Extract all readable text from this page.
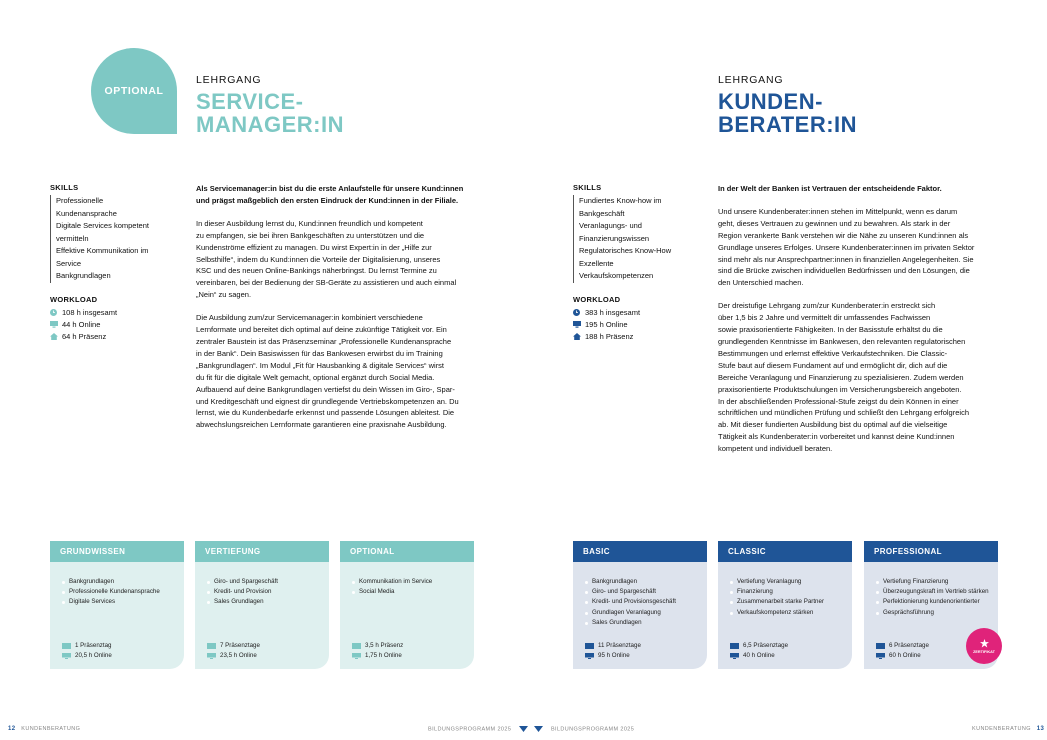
OPTIONAL
LEHRGANG
SERVICE-
MANAGER:IN
SKILLS
Professionelle
Kundenansprache
Digitale Services kompetent
vermitteln
Effektive Kommunikation im
Service
Bankgrundlagen
WORKLOAD
108 h insgesamt
44 h Online
64 h Präsenz

Als Servicemanager:in bist du die erste Anlaufstelle für unsere Kund:innen
und prägst maßgeblich den ersten Eindruck der Kund:innen in der Filiale.

In dieser Ausbildung lernst du, Kund:innen freundlich und kompetent
zu empfangen, sie bei ihren Bankgeschäften zu unterstützen und die
Kundenströme effizient zu managen. Du wirst Expert:in in der „Hilfe zur
Selbsthilfe“, indem du Kund:innen die Vorteile der Digitalisierung, unseres
KSC und des neuen Online-Bankings näherbringst. Du lernst Termine zu
vereinbaren, bei der Bedienung der SB-Geräte zu assistieren und auch einmal
„Nein“ zu sagen.

Die Ausbildung zum/zur Servicemanager:in kombiniert verschiedene
Lernformate und bereitet dich optimal auf deine zukünftige Tätigkeit vor. Ein
zentraler Baustein ist das Präsenzseminar „Professionelle Kundenansprache
in der Bank“. Dein Basiswissen für das Bankwesen erwirbst du im Training
„Bankgrundlagen“. Im Modul „Fit für Hausbanking & digitale Services“ wirst
du fit für die digitale Welt gemacht, optional ergänzt durch Social Media.
Aufbauend auf deine Bankgrundlagen vertiefst du dein Wissen im Giro-, Spar-
und Kreditgeschäft und eignest dir grundlegende Vertriebskompetenzen an. Du
lernst, wie du Kundenbedarfe erkennst und passende Lösungen ableitest. Die
abwechslungsreichen Lernformate garantieren eine praxisnahe Ausbildung.

GRUNDWISSEN
Bankgrundlagen
Professionelle Kundenansprache
Digitale Services
1 Präsenztag
20,5 h Online
VERTIEFUNG
Giro- und Spargeschäft
Kredit- und Provision
Sales Grundlagen
7 Präsenztage
23,5 h Online
OPTIONAL
Kommunikation im Service
Social Media
3,5 h Präsenz
1,75 h Online
LEHRGANG
KUNDEN-
BERATER:IN
SKILLS
Fundiertes Know-how im
Bankgeschäft
Veranlagungs- und
Finanzierungswissen
Regulatorisches Know-How
Exzellente
Verkaufskompetenzen
WORKLOAD
383 h insgesamt
195 h Online
188 h Präsenz

In der Welt der Banken ist Vertrauen der entscheidende Faktor.

Und unsere Kundenberater:innen stehen im Mittelpunkt, wenn es darum
geht, dieses Vertrauen zu gewinnen und zu bewahren. Als stark in der
Region verankerte Bank verstehen wir die Nähe zu unseren Kund:innen als
Grundlage unseres Erfolges. Unsere Kundenberater:innen im privaten Sektor
sind mehr als nur Ansprechpartner:innen in finanziellen Angelegenheiten. Sie
sind die Brücke zwischen individuellen Bedürfnissen und den Lösungen, die
den Unterschied machen.

Der dreistufige Lehrgang zum/zur Kundenberater:in erstreckt sich
über 1,5 bis 2 Jahre und vermittelt dir umfassendes Fachwissen
sowie praxisorientierte Fähigkeiten. In der Basisstufe erhältst du die
grundlegenden Kenntnisse im Bankwesen, den relevanten regulatorischen
Bestimmungen und erlernst effektive Verkaufstechniken. Die Classic-
Stufe baut auf diesem Fundament auf und ermöglicht dir, dich auf die
Bereiche Veranlagung und Finanzierung zu spezialisieren. Zudem werden
praxisorientierte Produktschulungen im Versicherungsbereich angeboten.
In der abschließenden Professional-Stufe zeigst du dein Können in einer
schriftlichen und mündlichen Prüfung und schließt den Lehrgang erfolgreich
ab. Mit dieser fundierten Ausbildung bist du optimal auf die vielseitige
Tätigkeit als Kundenberater:in vorbereitet und kannst deine Kund:innen
kompetent und individuell beraten.

BASIC
Bankgrundlagen
Giro- und Spargeschäft
Kredit- und Provisionsgeschäft
Grundlagen Veranlagung
Sales Grundlagen
11 Präsenztage
95 h Online
CLASSIC
Vertiefung Veranlagung
Finanzierung
Zusammenarbeit starke Partner
Verkaufskompetenz stärken
6,5 Präsenztage
40 h Online
PROFESSIONAL
Vertiefung Finanzierung
Überzeugungskraft im Vertrieb stärken
Perfektionierung kundenorientierter
Gesprächsführung
6 Präsenztage
60 h Online
ZERTIFIKAT
12 KUNDENBERATUNG	BILDUNGSPROGRAMM 2025	BILDUNGSPROGRAMM 2025	KUNDENBERATUNG 13
